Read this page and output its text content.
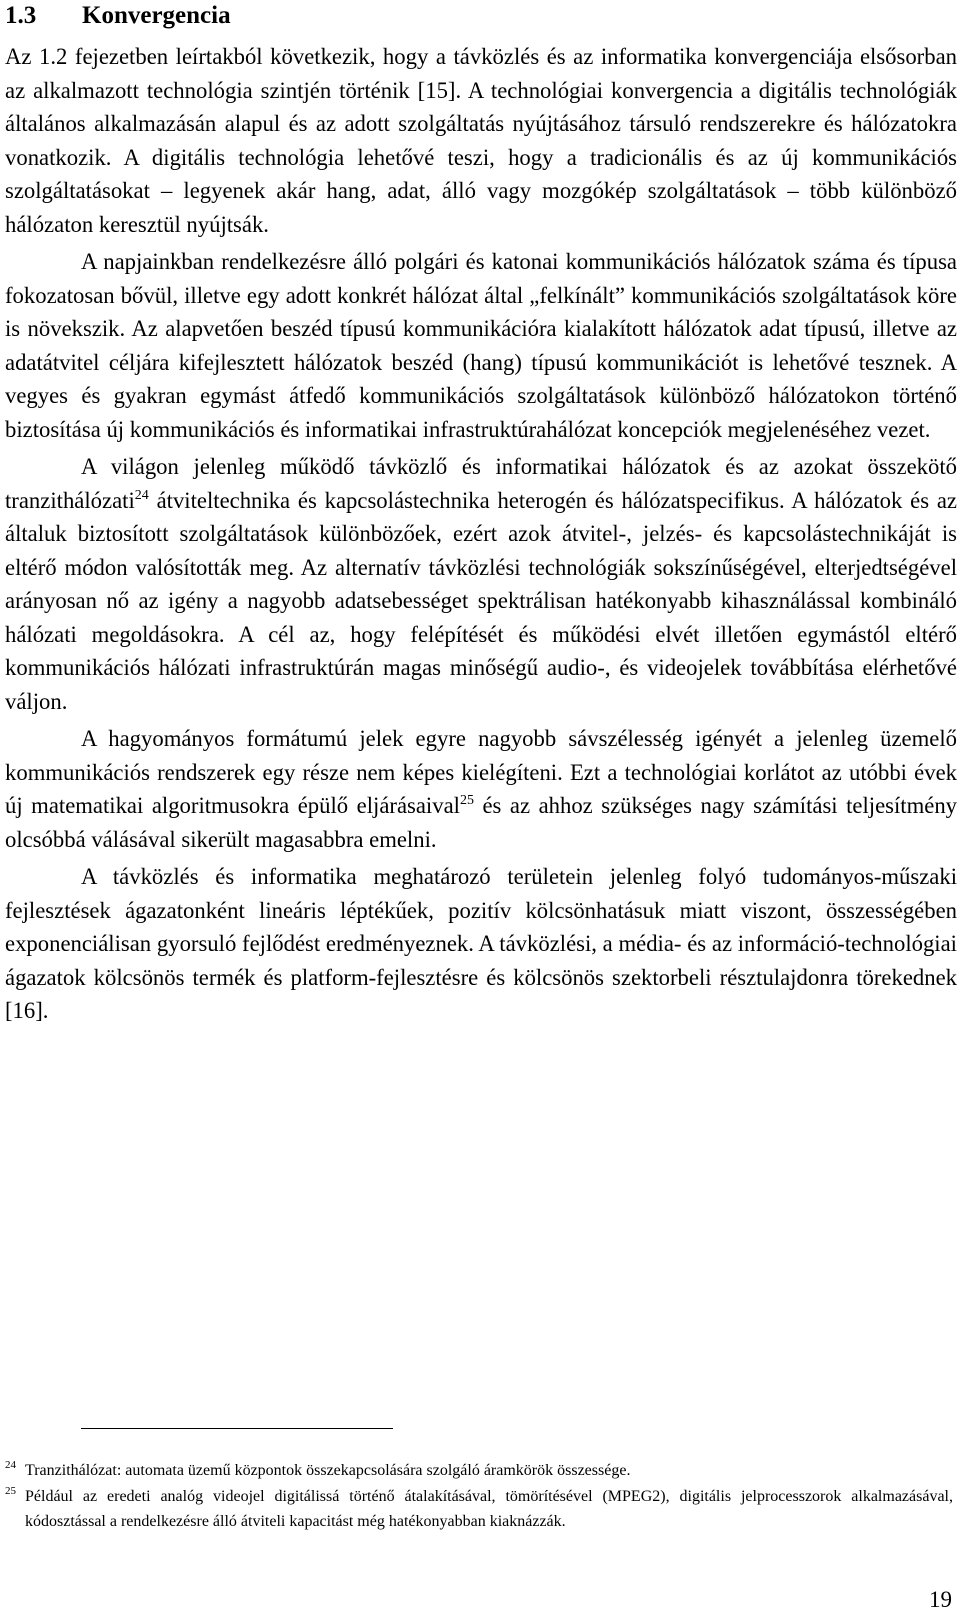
1.3 Konvergencia

Az 1.2 fejezetben leírtakból következik, hogy a távközlés és az informatika konvergenciája elsősorban az alkalmazott technológia szintjén történik [15]. A technológiai konvergencia a digitális technológiák általános alkalmazásán alapul és az adott szolgáltatás nyújtásához társuló rendszerekre és hálózatokra vonatkozik. A digitális technológia lehetővé teszi, hogy a tradicionális és az új kommunikációs szolgáltatásokat – legyenek akár hang, adat, álló vagy mozgókép szolgáltatások – több különböző hálózaton keresztül nyújtsák.

A napjainkban rendelkezésre álló polgári és katonai kommunikációs hálózatok száma és típusa fokozatosan bővül, illetve egy adott konkrét hálózat által „felkínált” kommunikációs szolgáltatások köre is növekszik. Az alapvetően beszéd típusú kommunikációra kialakított hálózatok adat típusú, illetve az adatátvitel céljára kifejlesztett hálózatok beszéd (hang) típusú kommunikációt is lehetővé tesznek. A vegyes és gyakran egymást átfedő kommunikációs szolgáltatások különböző hálózatokon történő biztosítása új kommunikációs és informatikai infrastruktúrahálózat koncepciók megjelenéséhez vezet.

A világon jelenleg működő távközlő és informatikai hálózatok és az azokat összekötő tranzithálózati$^{24}$ átviteltechnika és kapcsolástechnika heterogén és hálózatspecifikus. A hálózatok és az általuk biztosított szolgáltatások különbözőek, ezért azok átvitel-, jelzés- és kapcsolástechnikáját is eltérő módon valósították meg. Az alternatív távközlési technológiák sokszínűségével, elterjedtségével arányosan nő az igény a nagyobb adatsebességet spektrálisan hatékonyabb kihasználással kombináló hálózati megoldásokra. A cél az, hogy felépítését és működési elvét illetően egymástól eltérő kommunikációs hálózati infrastruktúrán magas minőségű audio-, és videojelek továbbítása elérhetővé váljon.

A hagyományos formátumú jelek egyre nagyobb sávszélesség igényét a jelenleg üzemelő kommunikációs rendszerek egy része nem képes kielégíteni. Ezt a technológiai korlátot az utóbbi évek új matematikai algoritmusokra épülő eljárásaival$^{25}$ és az ahhoz szükséges nagy számítási teljesítmény olcsóbbá válásával sikerült magasabbra emelni.

A távközlés és informatika meghatározó területein jelenleg folyó tudományos-műszaki fejlesztések ágazatonként lineáris léptékűek, pozitív kölcsönhatásuk miatt viszont, összességében exponenciálisan gyorsuló fejlődést eredményeznek. A távközlési, a média- és az információ-technológiai ágazatok kölcsönös termék és platform-fejlesztésre és kölcsönös szektorbeli résztulajdonra törekednek [16].

24 Tranzithálózat: automata üzemű központok összekapcsolására szolgáló áramkörök összessége.

25 Például az eredeti analóg videojel digitálissá történő átalakításával, tömörítésével (MPEG2), digitális jelprocesszorok alkalmazásával, kódosztással a rendelkezésre álló átviteli kapacitást még hatékonyabban kiaknázzák.

19
